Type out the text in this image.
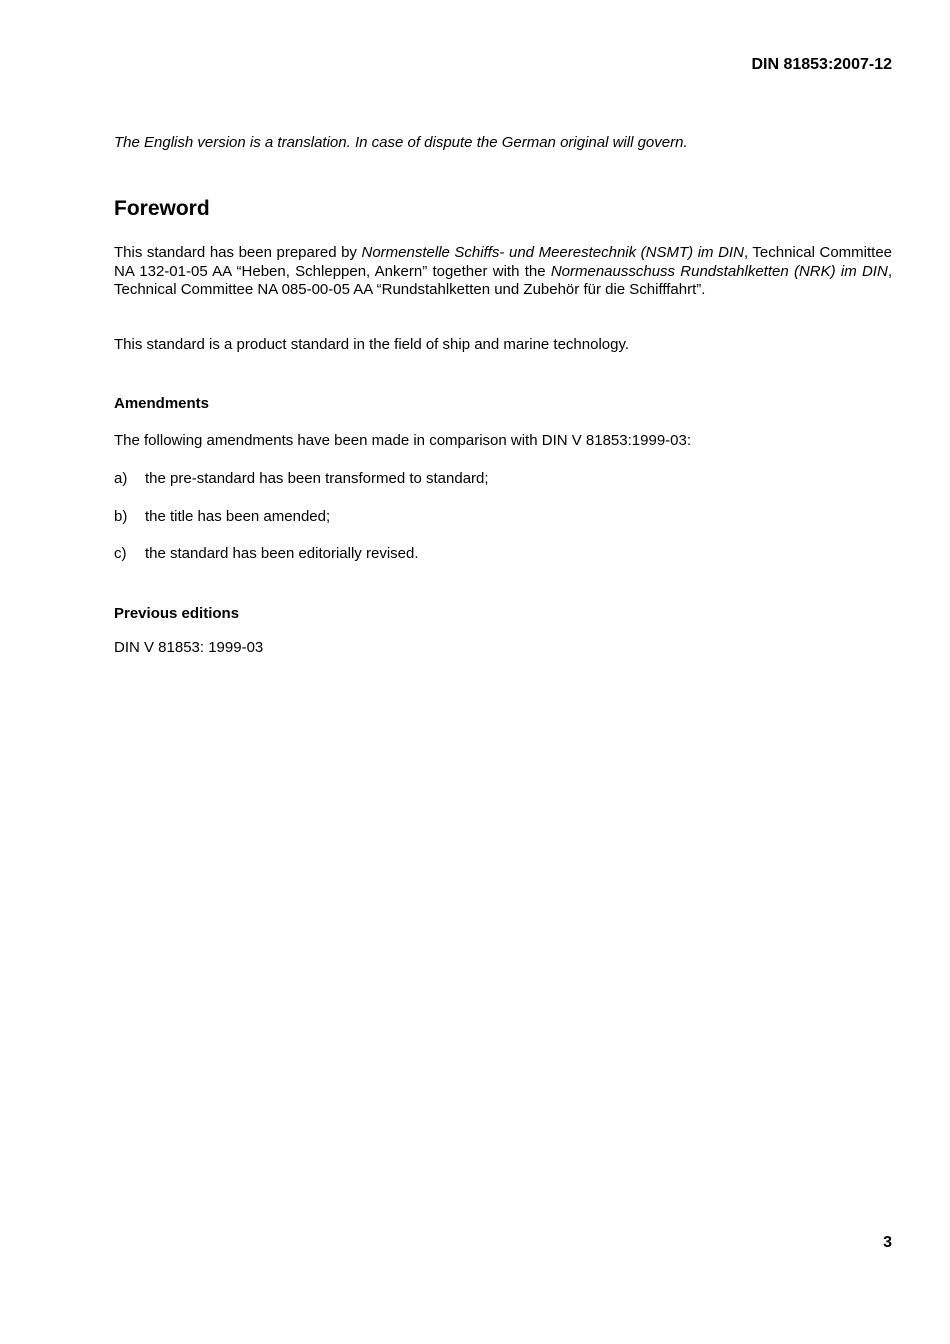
DIN 81853:2007-12

The English version is a translation. In case of dispute the German original will govern.

Foreword

This standard has been prepared by Normenstelle Schiffs- und Meerestechnik (NSMT) im DIN, Technical Committee NA 132-01-05 AA “Heben, Schleppen, Ankern” together with the Normenausschuss Rundstahlketten (NRK) im DIN, Technical Committee NA 085-00-05 AA “Rundstahlketten und Zubehör für die Schifffahrt”.

This standard is a product standard in the field of ship and marine technology.

Amendments

The following amendments have been made in comparison with DIN V 81853:1999-03:

a)	the pre-standard has been transformed to standard;
b)	the title has been amended;
c)	the standard has been editorially revised.

Previous editions

DIN V 81853: 1999-03

3
